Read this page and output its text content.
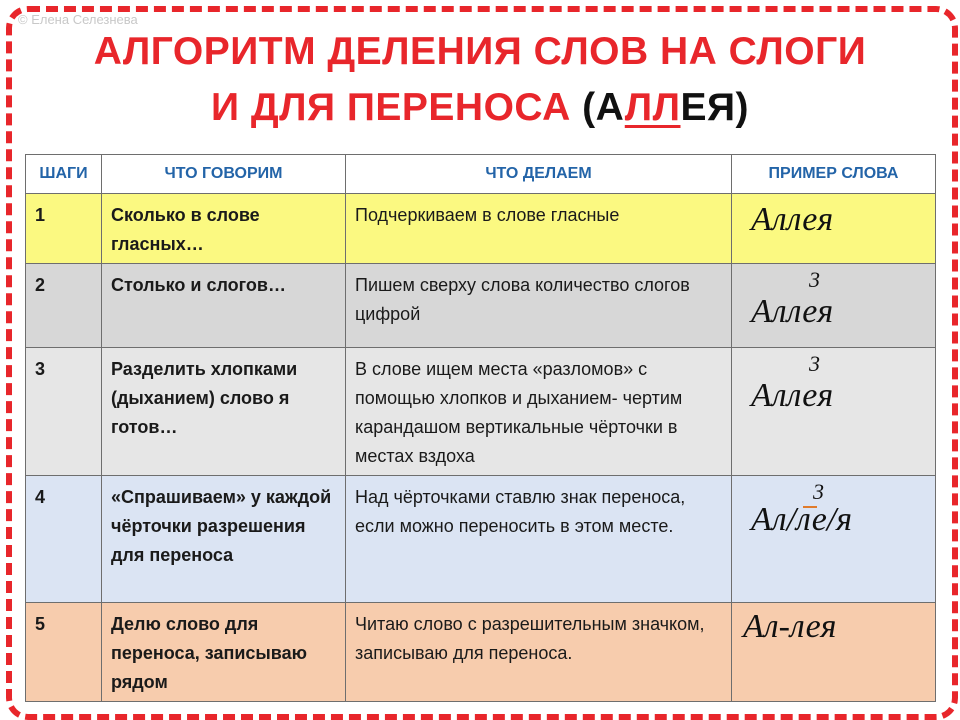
© Елена Селезнева
АЛГОРИТМ ДЕЛЕНИЯ СЛОВ НА СЛОГИ
И ДЛЯ ПЕРЕНОСА (АЛЛЕЯ)
ШАГИ	ЧТО ГОВОРИМ	ЧТО ДЕЛАЕМ	ПРИМЕР СЛОВА
1	Сколько в слове гласных…	Подчеркиваем в слове гласные	Аллея

2	Столько и слогов…	Пишем сверху слова количество слогов цифрой	3
Аллея

3	Разделить хлопками (дыханием) слово я готов…	В слове ищем места «разломов» с помощью хлопков и дыханием- чертим карандашом вертикальные чёрточки в местах вздоха	3
Аллея

4	«Спрашиваем» у каждой чёрточки разрешения для переноса	Над чёрточками ставлю знак переноса, если можно переносить в этом месте.	3
Ал/ле/я

5	Делю слово для переноса, записываю рядом	Читаю слово с разрешительным значком, записываю для переноса.	Ал-лея
